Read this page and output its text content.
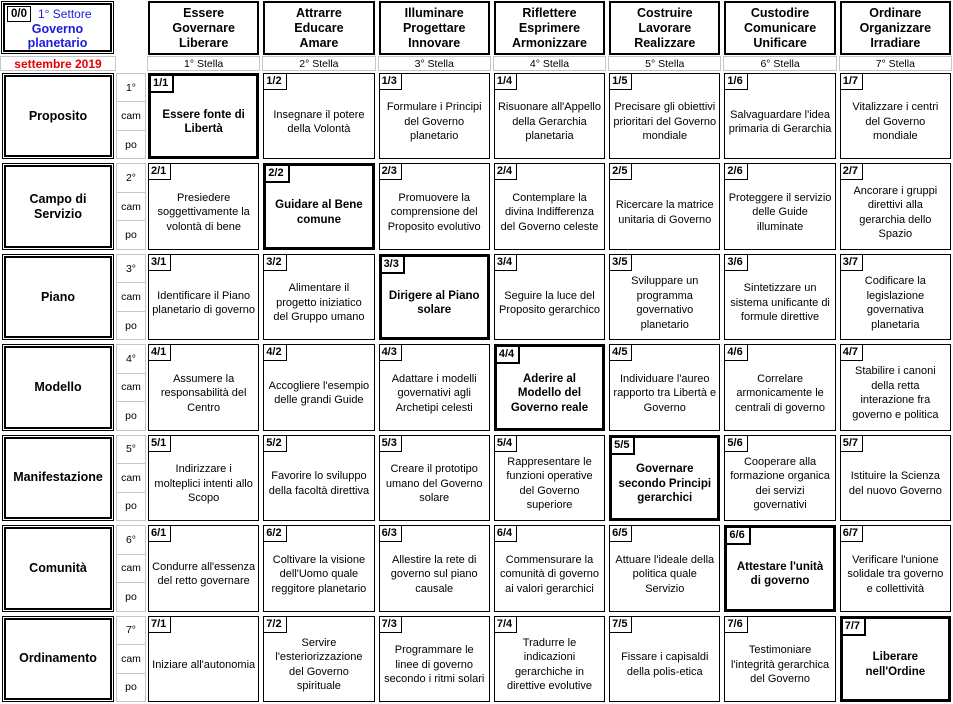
0/0 1° Settore
Governo
planetario
settembre 2019
Essere
Governare
Liberare
1° Stella
Attrarre
Educare
Amare
2° Stella
Illuminare
Progettare
Innovare
3° Stella
Riflettere
Esprimere
Armonizzare
4° Stella
Costruire
Lavorare
Realizzare
5° Stella
Custodire
Comunicare
Unificare
6° Stella
Ordinare
Organizzare
Irradiare
7° Stella
Proposito
1°
cam
po
1/1
Essere fonte di Libertà
1/2
Insegnare il potere della Volontà
1/3
Formulare i Principi del Governo planetario
1/4
Risuonare all'Appello della Gerarchia planetaria
1/5
Precisare gli obiettivi prioritari del Governo mondiale
1/6
Salvaguardare l'idea primaria di Gerarchia
1/7
Vitalizzare i centri del Governo mondiale
Campo di Servizio
2°
cam
po
2/1
Presiedere soggettivamente la volontà di bene
2/2
Guidare al Bene comune
2/3
Promuovere la comprensione del Proposito evolutivo
2/4
Contemplare la divina Indifferenza del Governo celeste
2/5
Ricercare la matrice unitaria di Governo
2/6
Proteggere il servizio delle Guide illuminate
2/7
Ancorare i gruppi direttivi alla gerarchia dello Spazio
Piano
3°
cam
po
3/1
Identificare il Piano planetario di governo
3/2
Alimentare il progetto iniziatico del Gruppo umano
3/3
Dirigere al Piano solare
3/4
Seguire la luce del Proposito gerarchico
3/5
Sviluppare un programma governativo planetario
3/6
Sintetizzare un sistema unificante di formule direttive
3/7
Codificare la legislazione governativa planetaria
Modello
4°
cam
po
4/1
Assumere la responsabilità del Centro
4/2
Accogliere l'esempio delle grandi Guide
4/3
Adattare i modelli governativi agli Archetipi celesti
4/4
Aderire al Modello del Governo reale
4/5
Individuare l'aureo rapporto tra Libertà e Governo
4/6
Correlare armonicamente le centrali di governo
4/7
Stabilire i canoni della retta interazione fra governo e politica
Manifestazione
5°
cam
po
5/1
Indirizzare i molteplici intenti allo Scopo
5/2
Favorire lo sviluppo della facoltà direttiva
5/3
Creare il prototipo umano del Governo solare
5/4
Rappresentare le funzioni operative del Governo superiore
5/5
Governare secondo Principi gerarchici
5/6
Cooperare alla formazione organica dei servizi governativi
5/7
Istituire la Scienza del nuovo Governo
Comunità
6°
cam
po
6/1
Condurre all'essenza del retto governare
6/2
Coltivare la visione dell'Uomo quale reggitore planetario
6/3
Allestire la rete di governo sul piano causale
6/4
Commensurare la comunità di governo ai valori gerarchici
6/5
Attuare l'ideale della politica quale Servizio
6/6
Attestare l'unità di governo
6/7
Verificare l'unione solidale tra governo e collettività
Ordinamento
7°
cam
po
7/1
Iniziare all'autonomia
7/2
Servire l'esteriorizzazione del Governo spirituale
7/3
Programmare le linee di governo secondo i ritmi solari
7/4
Tradurre le indicazioni gerarchiche in direttive evolutive
7/5
Fissare i capisaldi della polis-etica
7/6
Testimoniare l'integrità gerarchica del Governo
7/7
Liberare nell'Ordine
